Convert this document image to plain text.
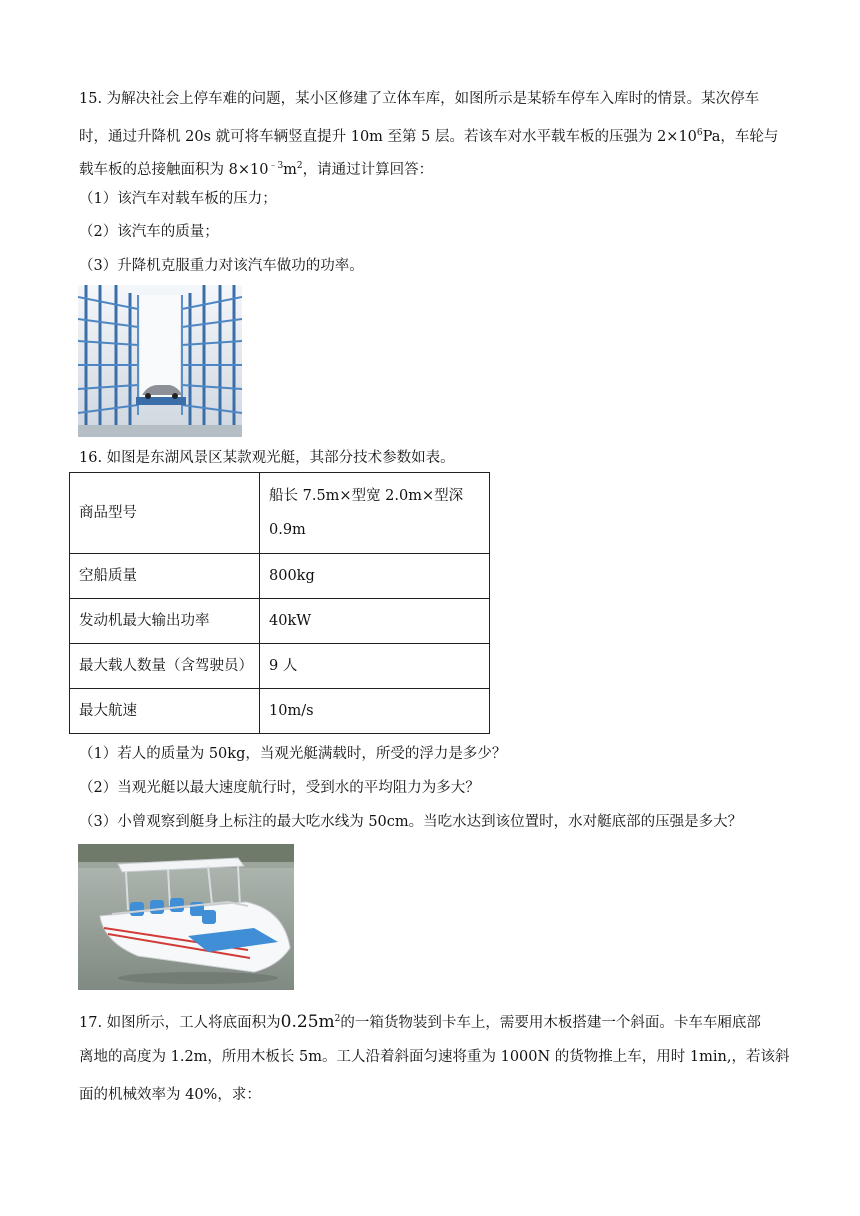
15. 为解决社会上停车难的问题，某小区修建了立体车库，如图所示是某轿车停车入库时的情景。某次停车
时，通过升降机 20s 就可将车辆竖直提升 10m 至第 5 层。若该车对水平载车板的压强为 $2\times 10^6Pa$，车轮与
载车板的总接触面积为 $8\times 10^{﹣3}m^2$，请通过计算回答：
（1）该汽车对载车板的压力；
（2）该汽车的质量；
（3）升降机克服重力对该汽车做功的功率。
16. 如图是东湖风景区某款观光艇，其部分技术参数如表。
商品型号	船长 7.5m×型宽 2.0m×型深
0.9m

空船质量	800kg
发动机最大输出功率	40kW
最大载人数量（含驾驶员）	9 人
最大航速	10m/s
（1）若人的质量为 50kg，当观光艇满载时，所受的浮力是多少？
（2）当观光艇以最大速度航行时，受到水的平均阻力为多大？
（3）小曾观察到艇身上标注的最大吃水线为 50cm。当吃水达到该位置时，水对艇底部的压强是多大？
17. 如图所示，工人将底面积为$0.25m^2$的一箱货物装到卡车上，需要用木板搭建一个斜面。卡车车厢底部
离地的高度为 1.2m，所用木板长 5m。工人沿着斜面匀速将重为 1000N 的货物推上车，用时 1min,，若该斜
面的机械效率为 40%，求：
